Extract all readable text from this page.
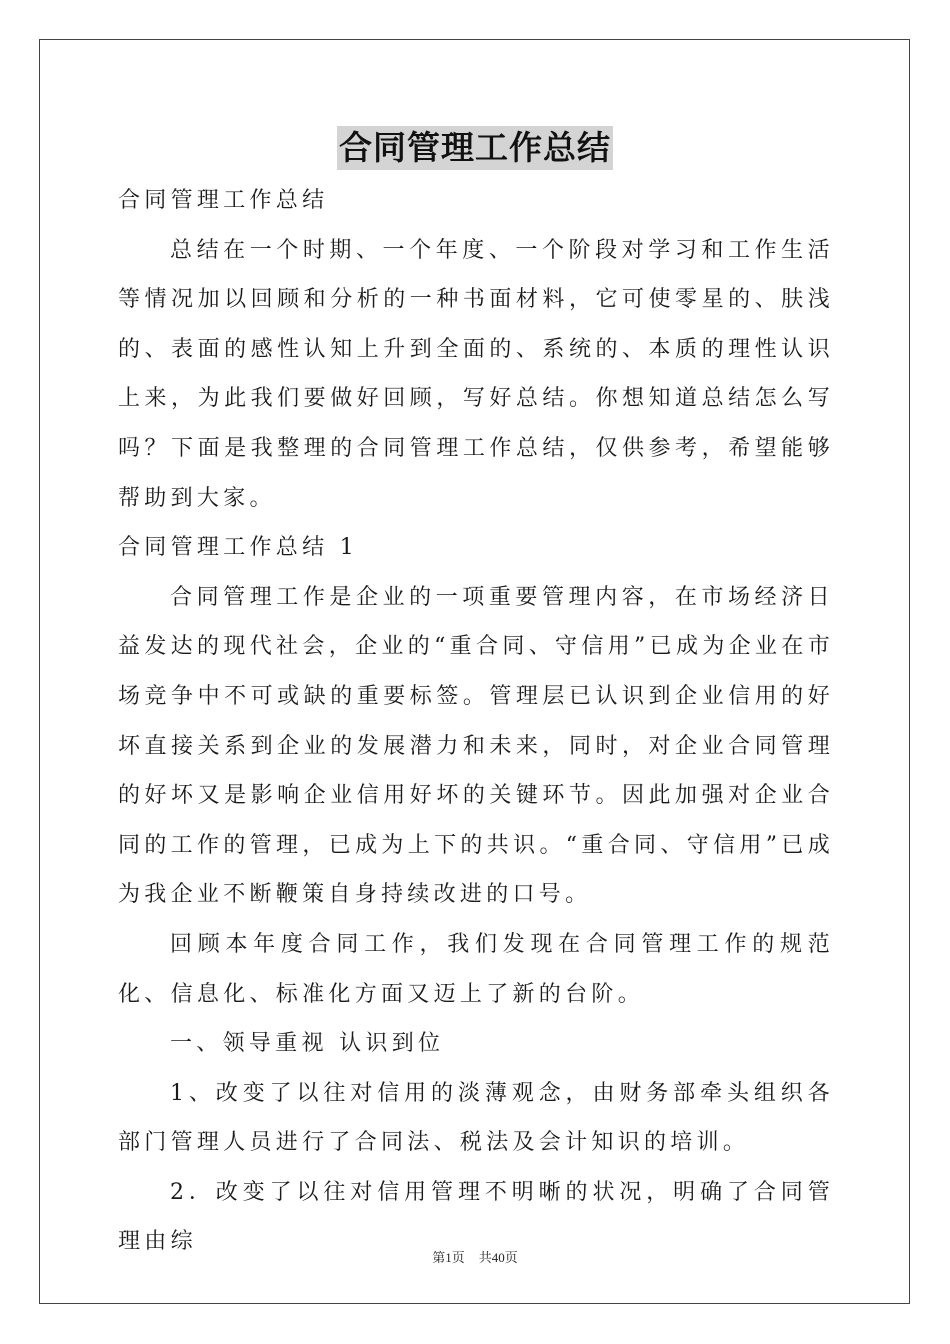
合同管理工作总结

合同管理工作总结

总结在一个时期、一个年度、一个阶段对学习和工作生活等情况加以回顾和分析的一种书面材料，它可使零星的、肤浅的、表面的感性认知上升到全面的、系统的、本质的理性认识上来，为此我们要做好回顾，写好总结。你想知道总结怎么写吗？下面是我整理的合同管理工作总结，仅供参考，希望能够帮助到大家。

合同管理工作总结 1

合同管理工作是企业的一项重要管理内容，在市场经济日益发达的现代社会，企业的“重合同、守信用”已成为企业在市场竞争中不可或缺的重要标签。管理层已认识到企业信用的好坏直接关系到企业的发展潜力和未来，同时，对企业合同管理的好坏又是影响企业信用好坏的关键环节。因此加强对企业合同的工作的管理，已成为上下的共识。“重合同、守信用”已成为我企业不断鞭策自身持续改进的口号。

回顾本年度合同工作，我们发现在合同管理工作的规范化、信息化、标准化方面又迈上了新的台阶。

一、领导重视 认识到位

1、改变了以往对信用的淡薄观念，由财务部牵头组织各部门管理人员进行了合同法、税法及会计知识的培训。

2．改变了以往对信用管理不明晰的状况，明确了合同管理由综

第1页 共40页
